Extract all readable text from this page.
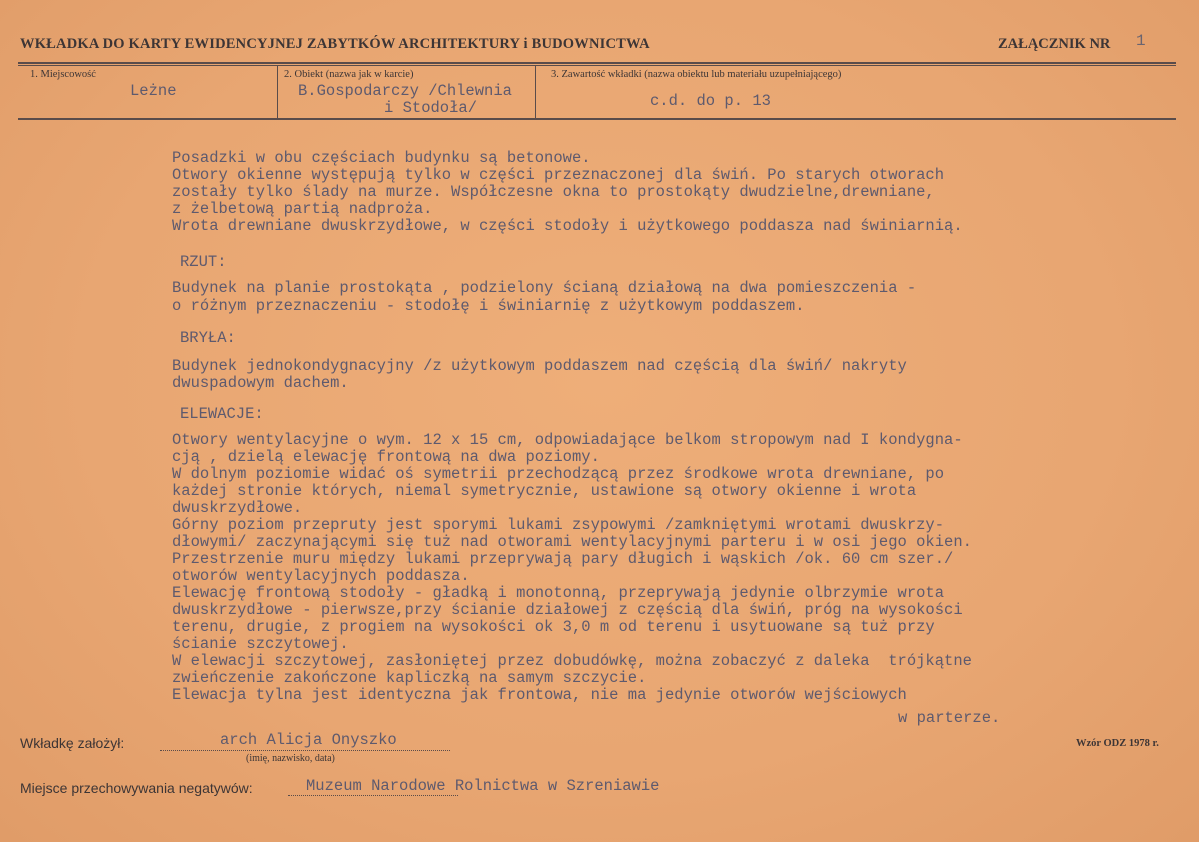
WKŁADKA DO KARTY EWIDENCYJNEJ ZABYTKÓW ARCHITEKTURY i BUDOWNICTWA	ZAŁĄCZNIK NR 1
1. Miejscowość
Leżne
2. Obiekt (nazwa jak w karcie)
B.Gospodarczy /Chlewnia
i Stodoła/
3. Zawartość wkładki (nazwa obiektu lub materiału uzupełniającego)
c.d. do p. 13
Posadzki w obu częściach budynku są betonowe.
Otwory okienne występują tylko w części przeznaczonej dla świń. Po starych otworach
zostały tylko ślady na murze. Współczesne okna to prostokąty dwudzielne,drewniane,
z żelbetową partią nadproża.
Wrota drewniane dwuskrzydłowe, w części stodoły i użytkowego poddasza nad świniarnią.
RZUT:
Budynek na planie prostokąta , podzielony ścianą działową na dwa pomieszczenia -
o różnym przeznaczeniu - stodołę i świniarnię z użytkowym poddaszem.
BRYŁA:
Budynek jednokondygnacyjny /z użytkowym poddaszem nad częścią dla świń/ nakryty
dwuspadowym dachem.
ELEWACJE:
Otwory wentylacyjne o wym. 12 x 15 cm, odpowiadające belkom stropowym nad I kondygna-
cją , dzielą elewację frontową na dwa poziomy.
W dolnym poziomie widać oś symetrii przechodzącą przez środkowe wrota drewniane, po
każdej stronie których, niemal symetrycznie, ustawione są otwory okienne i wrota
dwuskrzydłowe.
Górny poziom przepruty jest sporymi lukami zsypowymi /zamkniętymi wrotami dwuskrzy-
dłowymi/ zaczynającymi się tuż nad otworami wentylacyjnymi parteru i w osi jego okien.
Przestrzenie muru między lukami przeprywają pary długich i wąskich /ok. 60 cm szer./
otworów wentylacyjnych poddasza.
Elewację frontową stodoły - gładką i monotonną, przeprywają jedynie olbrzymie wrota
dwuskrzydłowe - pierwsze,przy ścianie działowej z częścią dla świń, próg na wysokości
terenu, drugie, z progiem na wysokości ok 3,0 m od terenu i usytuowane są tuż przy
ścianie szczytowej.
W elewacji szczytowej, zasłoniętej przez dobudówkę, można zobaczyć z daleka  trójkątne
zwieńczenie zakończone kapliczką na samym szczycie.
Elewacja tylna jest identyczna jak frontowa, nie ma jedynie otworów wejściowych
w parterze.
Wkładkę założył:	arch Alicja Onyszko
(imię, nazwisko, data)
Wzór ODZ 1978 r.
Miejsce przechowywania negatywów:	Muzeum Narodowe Rolnictwa w Szreniawie
